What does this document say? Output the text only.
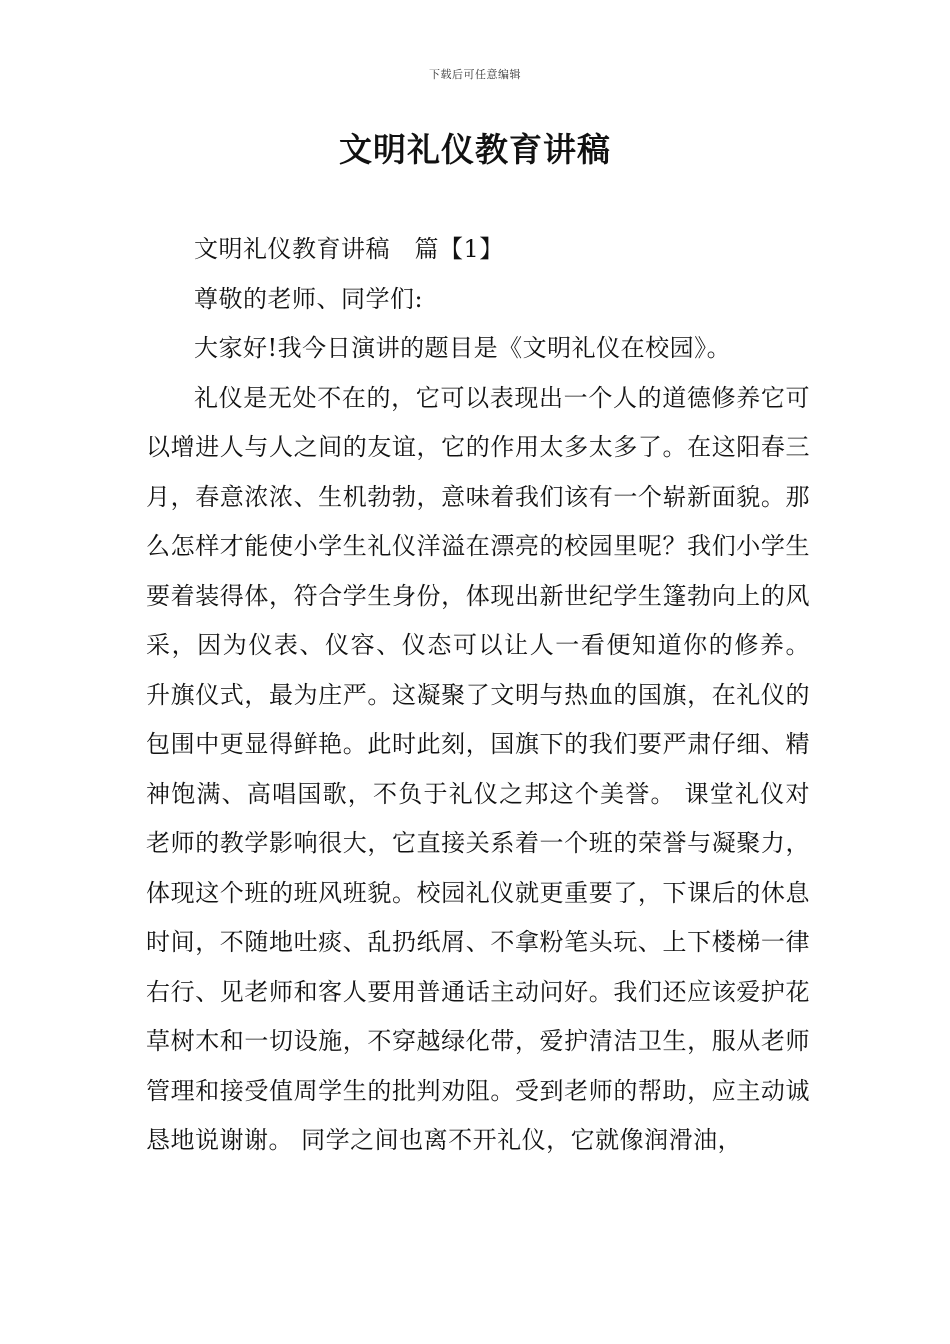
下载后可任意编辑
文明礼仪教育讲稿

文明礼仪教育讲稿　篇【1】

尊敬的老师、同学们:

大家好!我今日演讲的题目是《文明礼仪在校园》。

礼仪是无处不在的，它可以表现出一个人的道德修养它可以增进人与人之间的友谊，它的作用太多太多了。在这阳春三月，春意浓浓、生机勃勃，意味着我们该有一个崭新面貌。那么怎样才能使小学生礼仪洋溢在漂亮的校园里呢？我们小学生要着装得体，符合学生身份，体现出新世纪学生篷勃向上的风采，因为仪表、仪容、仪态可以让人一看便知道你的修养。 升旗仪式，最为庄严。这凝聚了文明与热血的国旗，在礼仪的包围中更显得鲜艳。此时此刻，国旗下的我们要严肃仔细、精神饱满、高唱国歌，不负于礼仪之邦这个美誉。 课堂礼仪对老师的教学影响很大，它直接关系着一个班的荣誉与凝聚力，体现这个班的班风班貌。校园礼仪就更重要了，下课后的休息时间，不随地吐痰、乱扔纸屑、不拿粉笔头玩、上下楼梯一律右行、见老师和客人要用普通话主动问好。我们还应该爱护花草树木和一切设施，不穿越绿化带，爱护清洁卫生，服从老师管理和接受值周学生的批判劝阻。受到老师的帮助，应主动诚恳地说谢谢。 同学之间也离不开礼仪，它就像润滑油，
